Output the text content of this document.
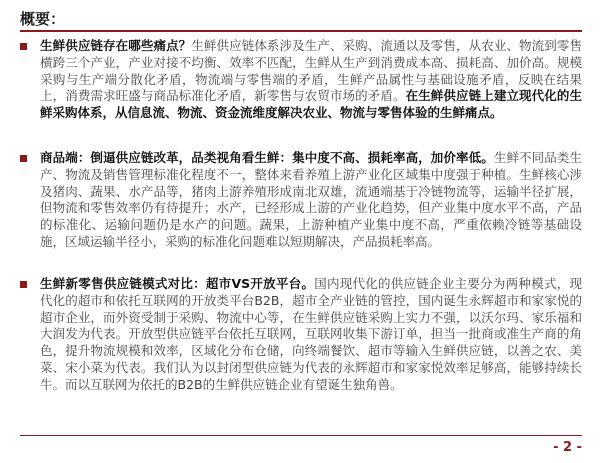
概要：
生鲜供应链存在哪些痛点？生鲜供应链体系涉及生产、采购、流通以及零售，从农业、物流到零售横跨三个产业，产业对接不均衡、效率不匹配，生鲜从生产到消费成本高、损耗高、加价高。规模采购与生产端分散化矛盾，物流端与零售端的矛盾，生鲜产品属性与基础设施矛盾，反映在结果上，消费需求旺盛与商品标准化矛盾，新零售与农贸市场的矛盾。在生鲜供应链上建立现代化的生鲜采购体系，从信息流、物流、资金流维度解决农业、物流与零售体验的生鲜痛点。
商品端：倒逼供应链改革，品类视角看生鲜：集中度不高、损耗率高，加价率低。生鲜不同品类生产、物流及销售管理标准化程度不一，整体来看养殖上游产业化区域集中度强于种植。生鲜核心涉及猪肉、蔬果、水产品等，猪肉上游养殖形成南北双雄，流通端基于冷链物流等，运输半径扩展，但物流和零售效率仍有待提升；水产，已经形成上游的产业化趋势，但产业集中度水平不高，产品的标准化、运输问题仍是水产的问题。蔬果，上游种植产业集中度不高，严重依赖冷链等基础设施，区域运输半径小，采购的标准化问题难以短期解决，产品损耗率高。
生鲜新零售供应链模式对比：超市VS开放平台。国内现代化的供应链企业主要分为两种模式，现代化的超市和依托互联网的开放类平台B2B，超市全产业链的管控，国内诞生永辉超市和家家悦的超市企业，而外资受制于采购、物流中心等，在生鲜供应链采购上实力不强，以沃尔玛、家乐福和大润发为代表。开放型供应链平台依托互联网，互联网收集下游订单，担当一批商或准生产商的角色，提升物流规模和效率，区域化分布仓储，向终端餐饮、超市等输入生鲜供应链，以善之农、美菜、宋小菜为代表。我们认为以封闭型供应链为代表的永辉超市和家家悦效率足够高，能够持续长牛。而以互联网为依托的B2B的生鲜供应链企业有望诞生独角兽。
- 2 -
